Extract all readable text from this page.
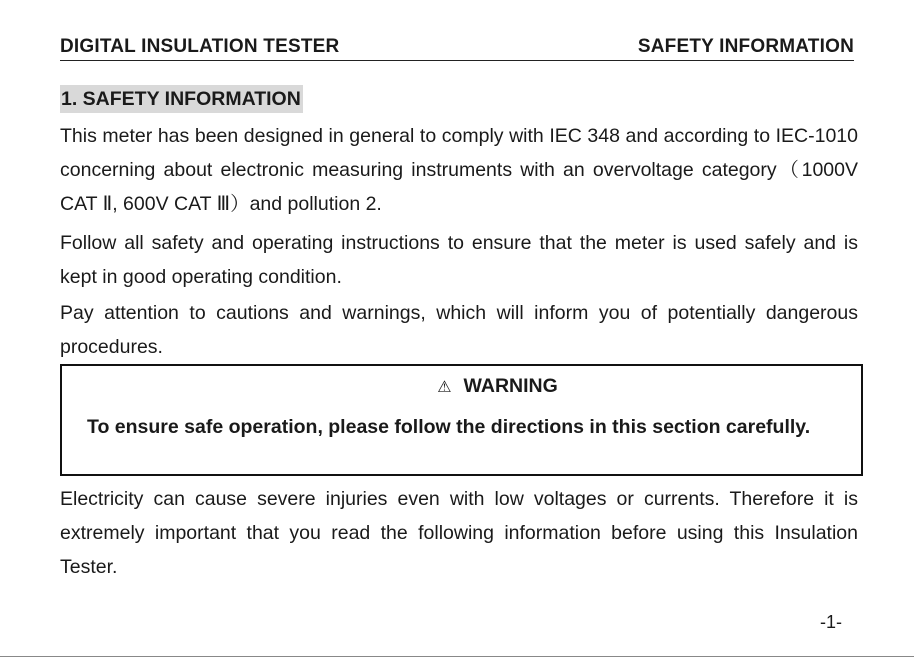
DIGITAL INSULATION TESTER	SAFETY INFORMATION
1. SAFETY INFORMATION

This meter has been designed in general to comply with IEC 348 and according to IEC-1010 concerning about electronic measuring instruments with an overvoltage category（1000V CAT Ⅱ, 600V CAT Ⅲ）and pollution 2.

Follow all safety and operating instructions to ensure that the meter is used safely and is kept in good operating condition.

Pay attention to cautions and warnings, which will inform you of potentially dangerous procedures.

⚠ WARNING

To ensure safe operation, please follow the directions in this section carefully.

Electricity can cause severe injuries even with low voltages or currents. Therefore it is extremely important that you read the following information before using this Insulation Tester.

-1-
